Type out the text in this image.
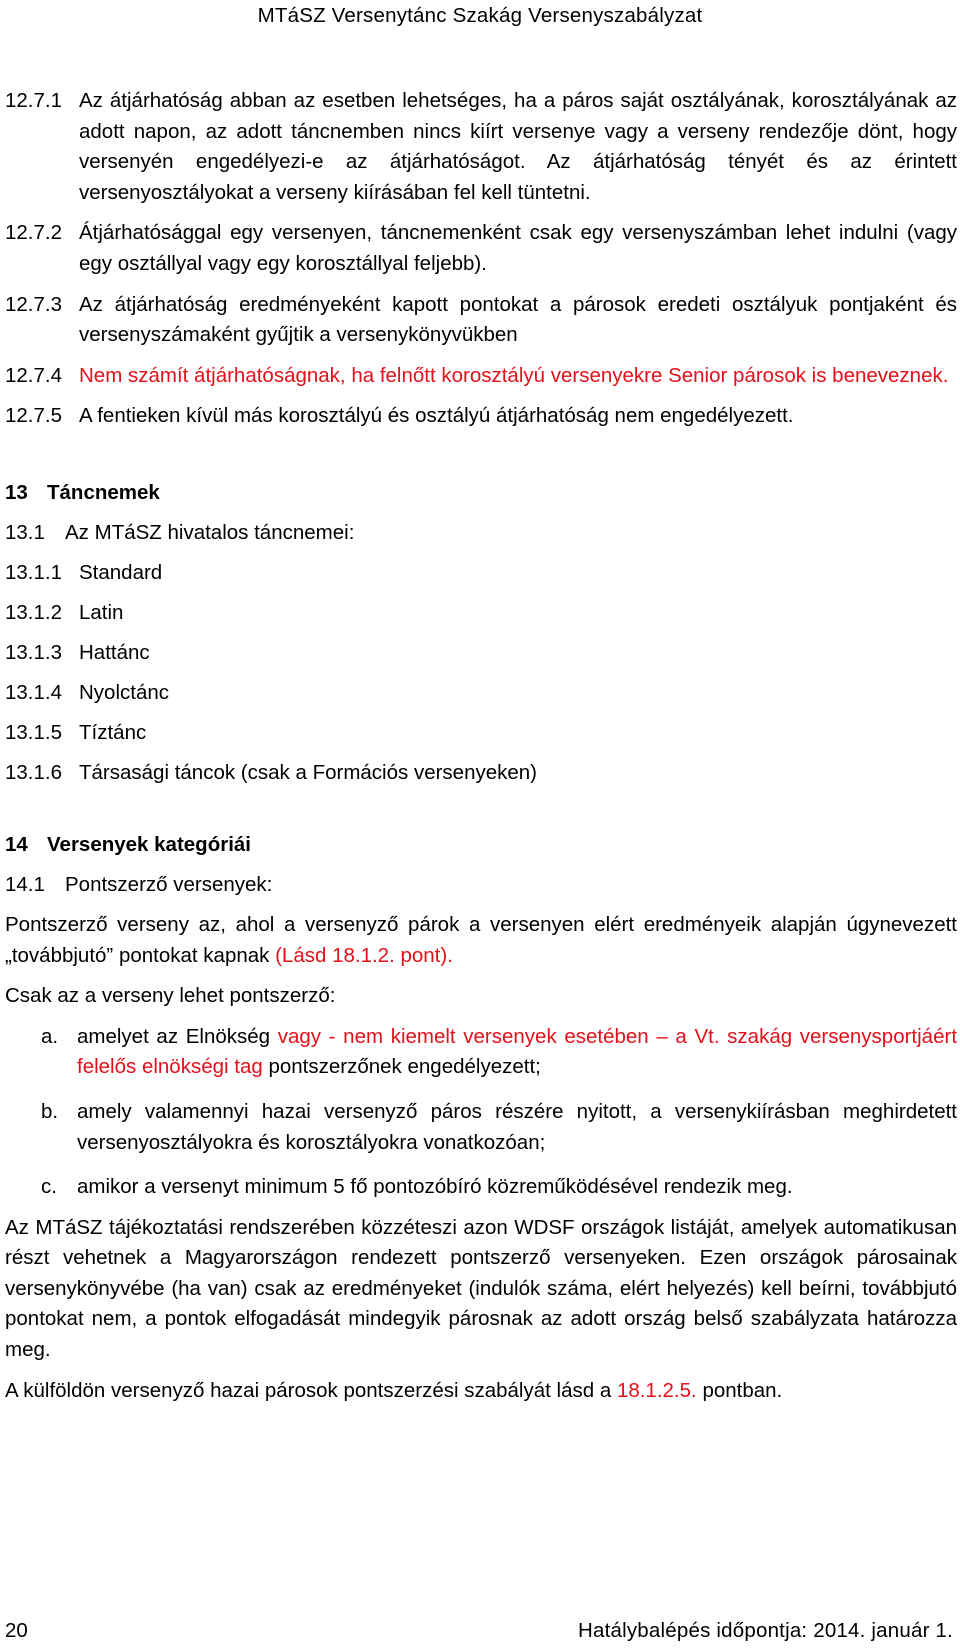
MTáSZ Versenytánc Szakág Versenyszabályzat
12.7.1 Az átjárhatóság abban az esetben lehetséges, ha a páros saját osztályának, korosztályának az adott napon, az adott táncnemben nincs kiírt versenye vagy a verseny rendezője dönt, hogy versenyén engedélyezi-e az átjárhatóságot. Az átjárhatóság tényét és az érintett versenyosztályokat a verseny kiírásában fel kell tüntetni.
12.7.2 Átjárhatósággal egy versenyen, táncnemenként csak egy versenyszámban lehet indulni (vagy egy osztállyal vagy egy korosztállyal feljebb).
12.7.3 Az átjárhatóság eredményeként kapott pontokat a párosok eredeti osztályuk pontjaként és versenyszámaként gyűjtik a versenykönyvükben
12.7.4 Nem számít átjárhatóságnak, ha felnőtt korosztályú versenyekre Senior párosok is beneveznek.
12.7.5 A fentieken kívül más korosztályú és osztályú átjárhatóság nem engedélyezett.
13 Táncnemek
13.1 Az MTáSZ hivatalos táncnemei:
13.1.1 Standard
13.1.2 Latin
13.1.3 Hattánc
13.1.4 Nyolctánc
13.1.5 Tíztánc
13.1.6 Társasági táncok (csak a Formációs versenyeken)
14 Versenyek kategóriái
14.1 Pontszerző versenyek:
Pontszerző verseny az, ahol a versenyző párok a versenyen elért eredményeik alapján úgynevezett „továbbjutó” pontokat kapnak (Lásd 18.1.2. pont).
Csak az a verseny lehet pontszerző:
a. amelyet az Elnökség vagy - nem kiemelt versenyek esetében – a Vt. szakág versenysportjáért felelős elnökségi tag pontszerzőnek engedélyezett;
b. amely valamennyi hazai versenyző páros részére nyitott, a versenykiírásban meghirdetett versenyosztályokra és korosztályokra vonatkozóan;
c. amikor a versenyt minimum 5 fő pontozóbíró közreműködésével rendezik meg.
Az MTáSZ tájékoztatási rendszerében közzéteszi azon WDSF országok listáját, amelyek automatikusan részt vehetnek a Magyarországon rendezett pontszerző versenyeken. Ezen országok párosainak versenykönyvébe (ha van) csak az eredményeket (indulók száma, elért helyezés) kell beírni, továbbjutó pontokat nem, a pontok elfogadását mindegyik párosnak az adott ország belső szabályzata határozza meg.
A külföldön versenyző hazai párosok pontszerzési szabályát lásd a 18.1.2.5. pontban.
20	Hatálybalépés időpontja: 2014. január 1.
